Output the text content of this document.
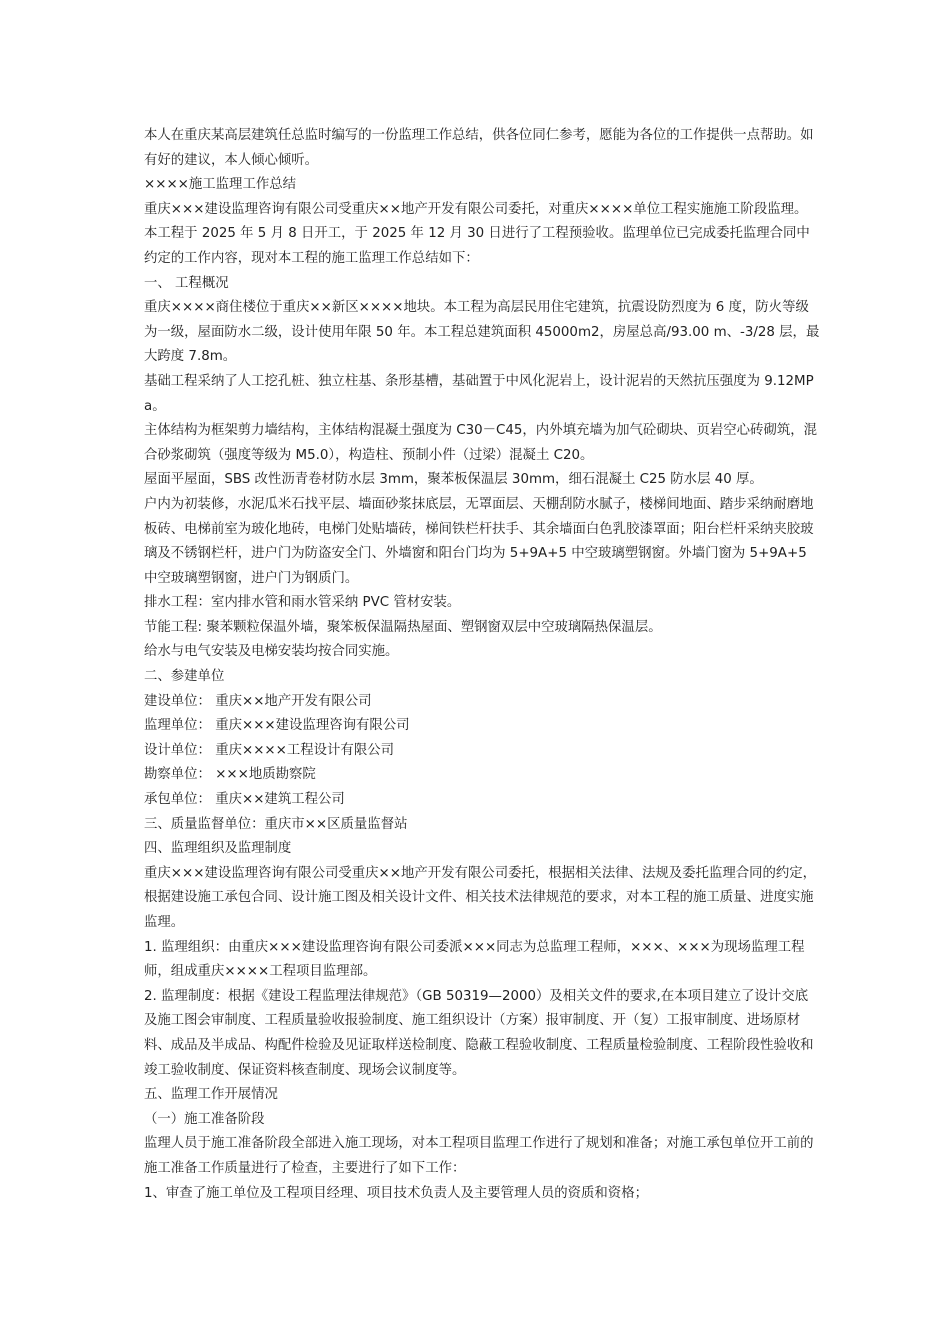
本人在重庆某高层建筑任总监时编写的一份监理工作总结，供各位同仁参考，愿能为各位的工作提供一点帮助。如有好的建议，本人倾心倾听。

××××施工监理工作总结

重庆×××建设监理咨询有限公司受重庆××地产开发有限公司委托，对重庆××××单位工程实施施工阶段监理。本工程于 2025 年 5 月 8 日开工，于 2025 年 12 月 30 日进行了工程预验收。监理单位已完成委托监理合同中约定的工作内容，现对本工程的施工监理工作总结如下：

一、 工程概况

重庆××××商住楼位于重庆××新区××××地块。本工程为高层民用住宅建筑，抗震设防烈度为 6 度，防火等级为一级，屋面防水二级，设计使用年限 50 年。本工程总建筑面积 45000m2，房屋总高/93.00 m、-3/28 层，最大跨度 7.8m。

基础工程采纳了人工挖孔桩、独立柱基、条形基槽，基础置于中风化泥岩上，设计泥岩的天然抗压强度为 9.12MPa。

主体结构为框架剪力墙结构，主体结构混凝土强度为 C30－C45，内外填充墙为加气砼砌块、页岩空心砖砌筑，混合砂浆砌筑（强度等级为 M5.0），构造柱、预制小件（过梁）混凝土 C20。

屋面平屋面，SBS 改性沥青卷材防水层 3mm，聚苯板保温层 30mm，细石混凝土 C25 防水层 40 厚。

户内为初装修，水泥瓜米石找平层、墙面砂浆抹底层，无罩面层、天棚刮防水腻子，楼梯间地面、踏步采纳耐磨地板砖、电梯前室为玻化地砖，电梯门处贴墙砖，梯间铁栏杆扶手、其余墙面白色乳胶漆罩面；阳台栏杆采纳夹胶玻璃及不锈钢栏杆，进户门为防盗安全门、外墙窗和阳台门均为 5+9A+5 中空玻璃塑钢窗。外墙门窗为 5+9A+5 中空玻璃塑钢窗，进户门为钢质门。

排水工程：室内排水管和雨水管采纳 PVC 管材安装。

节能工程: 聚苯颗粒保温外墙，聚笨板保温隔热屋面、塑钢窗双层中空玻璃隔热保温层。

给水与电气安装及电梯安装均按合同实施。

二、参建单位

建设单位： 重庆××地产开发有限公司

监理单位： 重庆×××建设监理咨询有限公司

设计单位： 重庆××××工程设计有限公司

勘察单位： ×××地质勘察院

承包单位： 重庆××建筑工程公司

三、质量监督单位：重庆市××区质量监督站

四、监理组织及监理制度

重庆×××建设监理咨询有限公司受重庆××地产开发有限公司委托，根据相关法律、法规及委托监理合同的约定，根据建设施工承包合同、设计施工图及相关设计文件、相关技术法律规范的要求，对本工程的施工质量、进度实施监理。

1. 监理组织：由重庆×××建设监理咨询有限公司委派×××同志为总监理工程师，×××、×××为现场监理工程师，组成重庆××××工程项目监理部。

2. 监理制度：根据《建设工程监理法律规范》（GB 50319—2000）及相关文件的要求,在本项目建立了设计交底及施工图会审制度、工程质量验收报验制度、施工组织设计（方案）报审制度、开（复）工报审制度、进场原材料、成品及半成品、构配件检验及见证取样送检制度、隐蔽工程验收制度、工程质量检验制度、工程阶段性验收和竣工验收制度、保证资料核查制度、现场会议制度等。

五、监理工作开展情况

（一）施工准备阶段

监理人员于施工准备阶段全部进入施工现场，对本工程项目监理工作进行了规划和准备；对施工承包单位开工前的施工准备工作质量进行了检查，主要进行了如下工作：

1、审查了施工单位及工程项目经理、项目技术负责人及主要管理人员的资质和资格；
